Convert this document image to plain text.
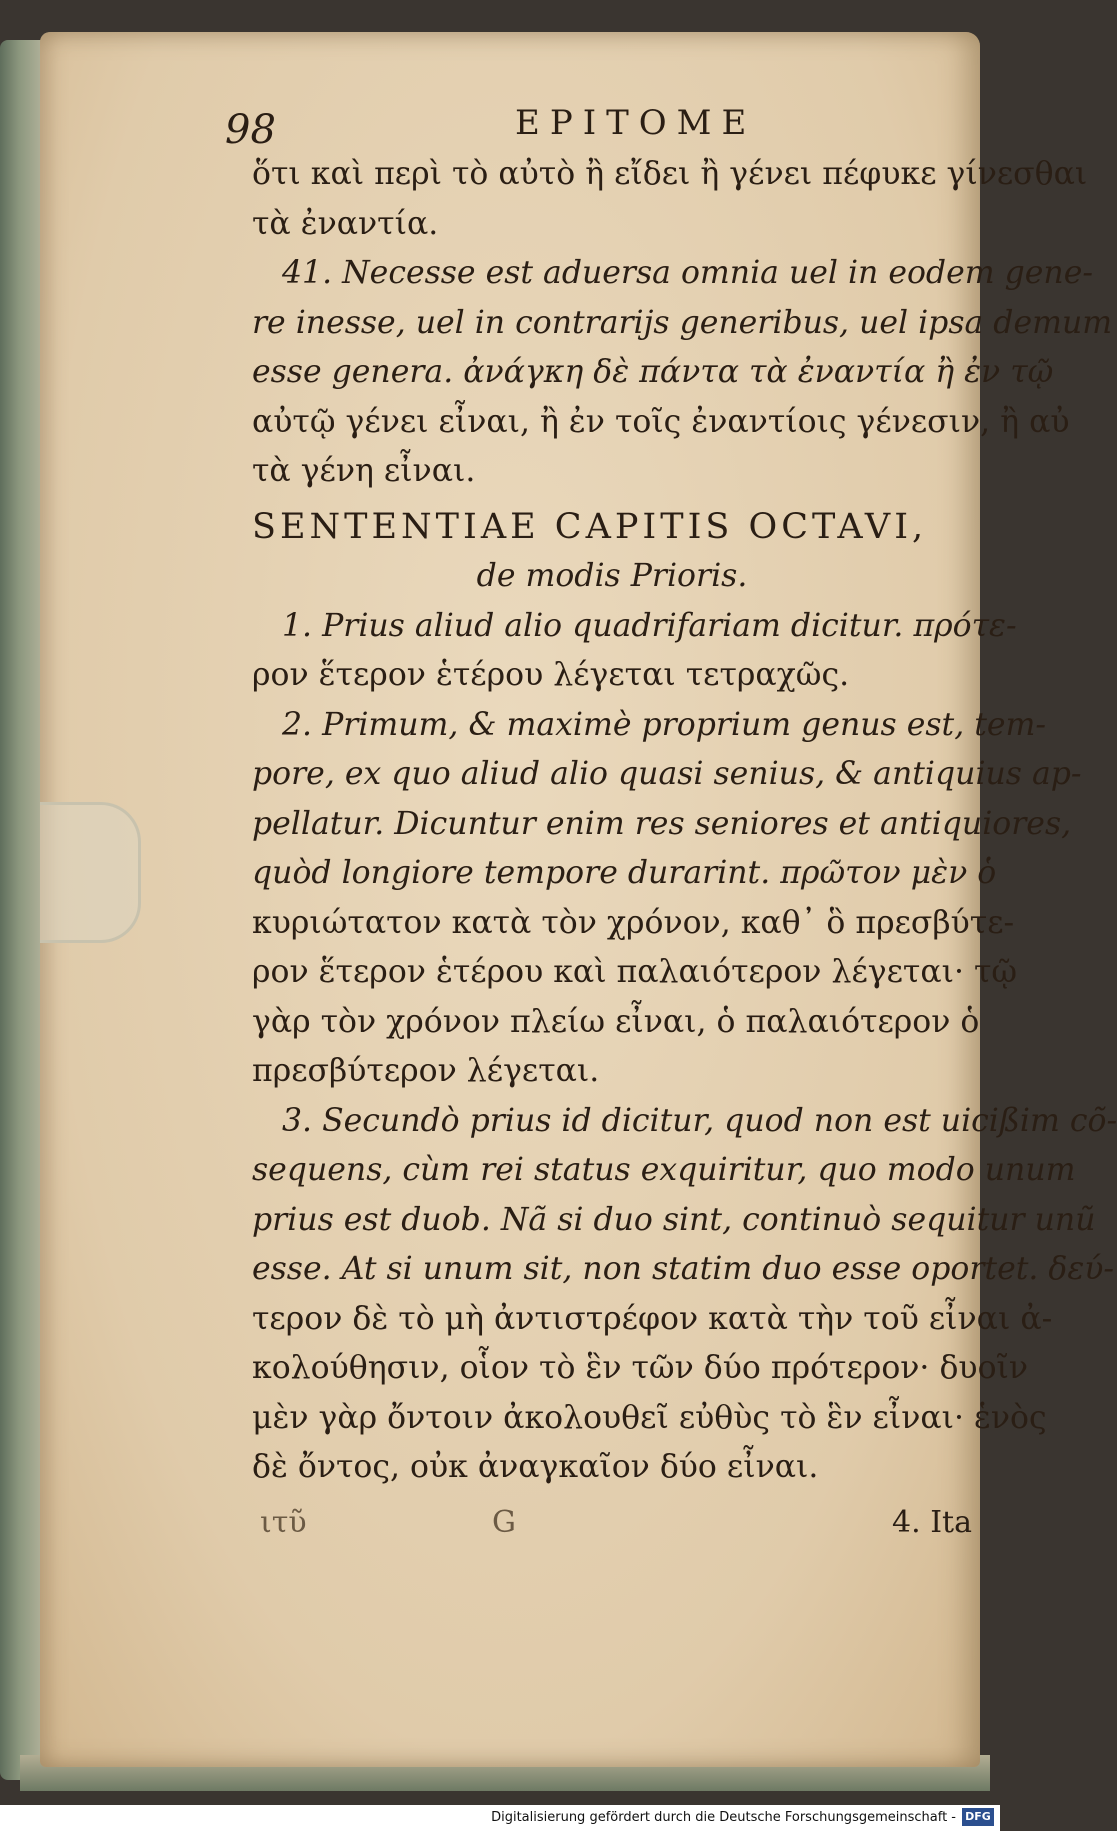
98	EPITOME
ὅτι καὶ περὶ τὸ αὐτὸ ἢ εἴδει ἢ γένει πέφυκε γίνεσθαι
τὰ ἐναντία.
41. Necesse est aduersa omnia uel in eodem gene-
re inesse, uel in contrarijs generibus, uel ipsa demum
esse genera. ἀνάγκη δὲ πάντα τὰ ἐναντία ἢ ἐν τῷ
αὐτῷ γένει εἶναι, ἢ ἐν τοῖς ἐναντίοις γένεσιν, ἢ αὐ
τὰ γένη εἶναι.
SENTENTIAE CAPITIS OCTAVI,
de modis Prioris.
1. Prius aliud alio quadrifariam dicitur. πρότε-
ρον ἕτερον ἑτέρου λέγεται τετραχῶς.
2. Primum, & maximè proprium genus est, tem-
pore, ex quo aliud alio quasi senius, & antiquius ap-
pellatur. Dicuntur enim res seniores et antiquiores,
quòd longiore tempore durarint. πρῶτον μὲν ὁ
κυριώτατον κατὰ τὸν χρόνον, καθ᾽ ὃ πρεσβύτε-
ρον ἕτερον ἑτέρου καὶ παλαιότερον λέγεται· τῷ
γὰρ τὸν χρόνον πλείω εἶναι, ὁ παλαιότερον ὁ
πρεσβύτερον λέγεται.
3. Secundò prius id dicitur, quod non est uicißim cõ-
sequens, cùm rei status exquiritur, quo modo unum
prius est duob. Nã si duo sint, continuò sequitur unũ
esse. At si unum sit, non statim duo esse oportet. δεύ-
τερον δὲ τὸ μὴ ἀντιστρέφον κατὰ τὴν τοῦ εἶναι ἀ-
κολούθησιν, οἷον τὸ ἓν τῶν δύο πρότερον· δυοῖν
μὲν γὰρ ὄντοιν ἀκολουθεῖ εὐθὺς τὸ ἓν εἶναι· ἑνὸς
δὲ ὄντος, οὐκ ἀναγκαῖον δύο εἶναι.
ιτῦ	G	4. Ita
Digitalisierung gefördert durch die Deutsche Forschungsgemeinschaft - DFG
